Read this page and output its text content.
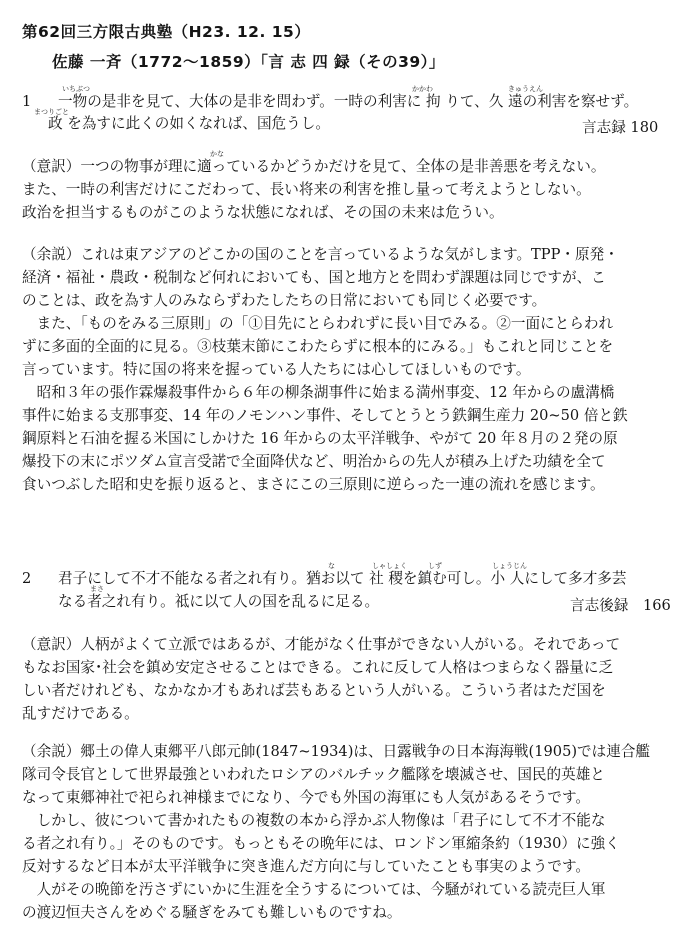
第62回三方限古典塾（H23. 12. 15）
佐藤 一斉（1772～1859）「言 志 四 録（その39）」
いちぶつ	かかわ	きゅうえん
1 一物の是非を見て、大体の是非を問わず。一時の利害に 拘 りて、久 遠の利害を察せず。
まつりごと
政 を為すに此くの如くなれば、国危うし。	言志録 180
かな
（意訳）一つの物事が理に適っているかどうかだけを見て、全体の是非善悪を考えない。
また、一時の利害だけにこだわって、長い将来の利害を推し量って考えようとしない。
政治を担当するものがこのような状態になれば、その国の未来は危うい。
（余説）これは東アジアのどこかの国のことを言っているような気がします。TPP・原発・
経済・福祉・農政・税制など何れにおいても、国と地方とを問わず課題は同じですが、こ
のことは、政を為す人のみならずわたしたちの日常においても同じく必要です。
　また、「ものをみる三原則」の「①目先にとらわれずに長い目でみる。②一面にとらわれ
ずに多面的全面的に見る。③枝葉末節にこわたらずに根本的にみる。」もこれと同じことを
言っています。特に国の将来を握っている人たちには心してほしいものです。
　昭和３年の張作霖爆殺事件から６年の柳条湖事件に始まる満州事変、12 年からの盧溝橋
事件に始まる支那事変、14 年のノモンハン事件、そしてとうとう鉄鋼生産力 20~50 倍と鉄
鋼原料と石油を握る米国にしかけた 16 年からの太平洋戦争、やがて 20 年８月の２発の原
爆投下の末にポツダム宣言受諾で全面降伏など、明治からの先人が積み上げた功績を全て
食いつぶした昭和史を振り返ると、まさにこの三原則に逆らった一連の流れを感じます。
な	しゃしょく	しず	しょうじん
2 君子にして不才不能なる者之れ有り。猶お以て 社 稷を鎮む可し。小 人にして多才多芸
まさ
なる者之れ有り。祗に以て人の国を乱るに足る。	言志後録　166
（意訳）人柄がよくて立派ではあるが、才能がなく仕事ができない人がいる。それであって
もなお国家･社会を鎮め安定させることはできる。これに反して人格はつまらなく器量に乏
しい者だけれども、なかなか才もあれば芸もあるという人がいる。こういう者はただ国を
乱すだけである。
（余説）郷土の偉人東郷平八郎元帥(1847~1934)は、日露戦争の日本海海戦(1905)では連合艦
隊司令長官として世界最強といわれたロシアのバルチック艦隊を壊滅させ、国民的英雄と
なって東郷神社で祀られ神様までになり、今でも外国の海軍にも人気があるそうです。
　しかし、彼について書かれたもの複数の本から浮かぶ人物像は「君子にして不才不能な
る者之れ有り。」そのものです。もっともその晩年には、ロンドン軍縮条約（1930）に強く
反対するなど日本が太平洋戦争に突き進んだ方向に与していたことも事実のようです。
　人がその晩節を汚さずにいかに生涯を全うするについては、今騒がれている読売巨人軍
の渡辺恒夫さんをめぐる騒ぎをみても難しいものですね。
